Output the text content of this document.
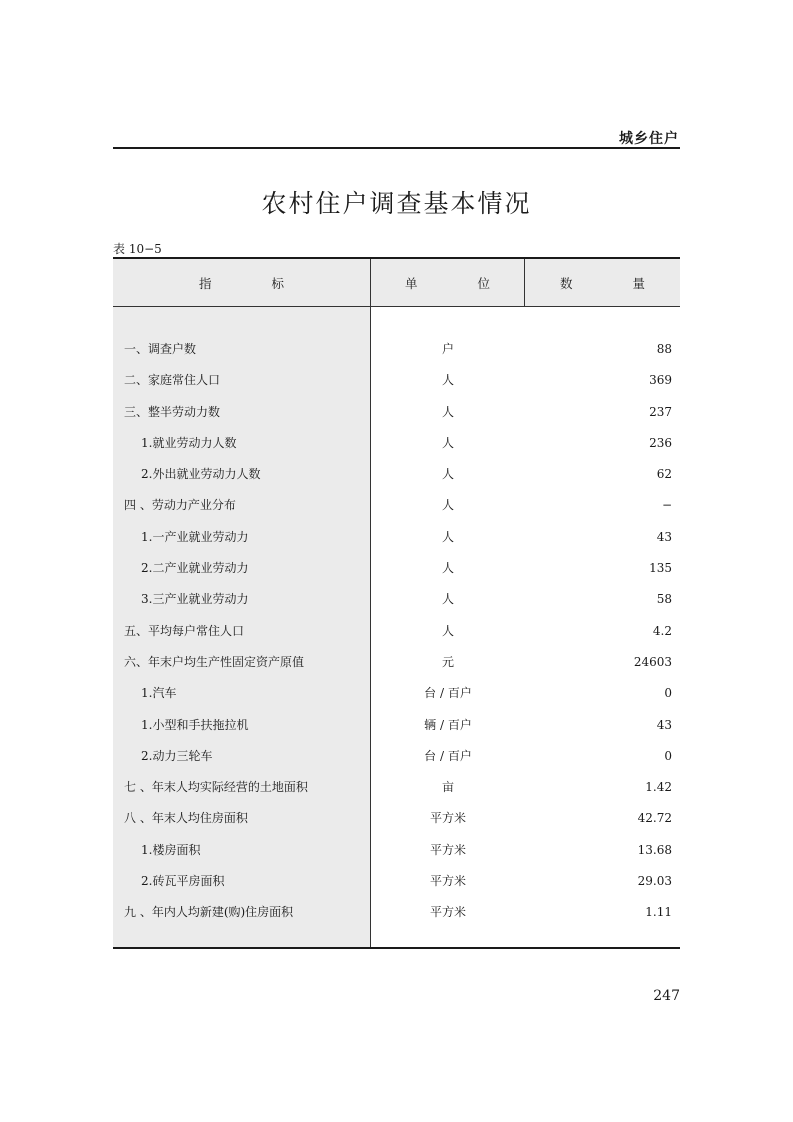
城乡住户
农村住户调查基本情况
表 10−5
指 标	单 位	数 量
一、调查户数	户	88
二、家庭常住人口	人	369
三、整半劳动力数	人	237
1.就业劳动力人数	人	236
2.外出就业劳动力人数	人	62
四 、劳动力产业分布	人	−
1.一产业就业劳动力	人	43
2.二产业就业劳动力	人	135
3.三产业就业劳动力	人	58
五、平均每户常住人口	人	4.2
六、年末户均生产性固定资产原值	元	24603
1.汽车	台 / 百户	0
1.小型和手扶拖拉机	辆 / 百户	43
2.动力三轮车	台 / 百户	0
七 、年末人均实际经营的土地面积	亩	1.42
八 、年末人均住房面积	平方米	42.72
1.楼房面积	平方米	13.68
2.砖瓦平房面积	平方米	29.03
九 、年内人均新建(购)住房面积	平方米	1.11
247
